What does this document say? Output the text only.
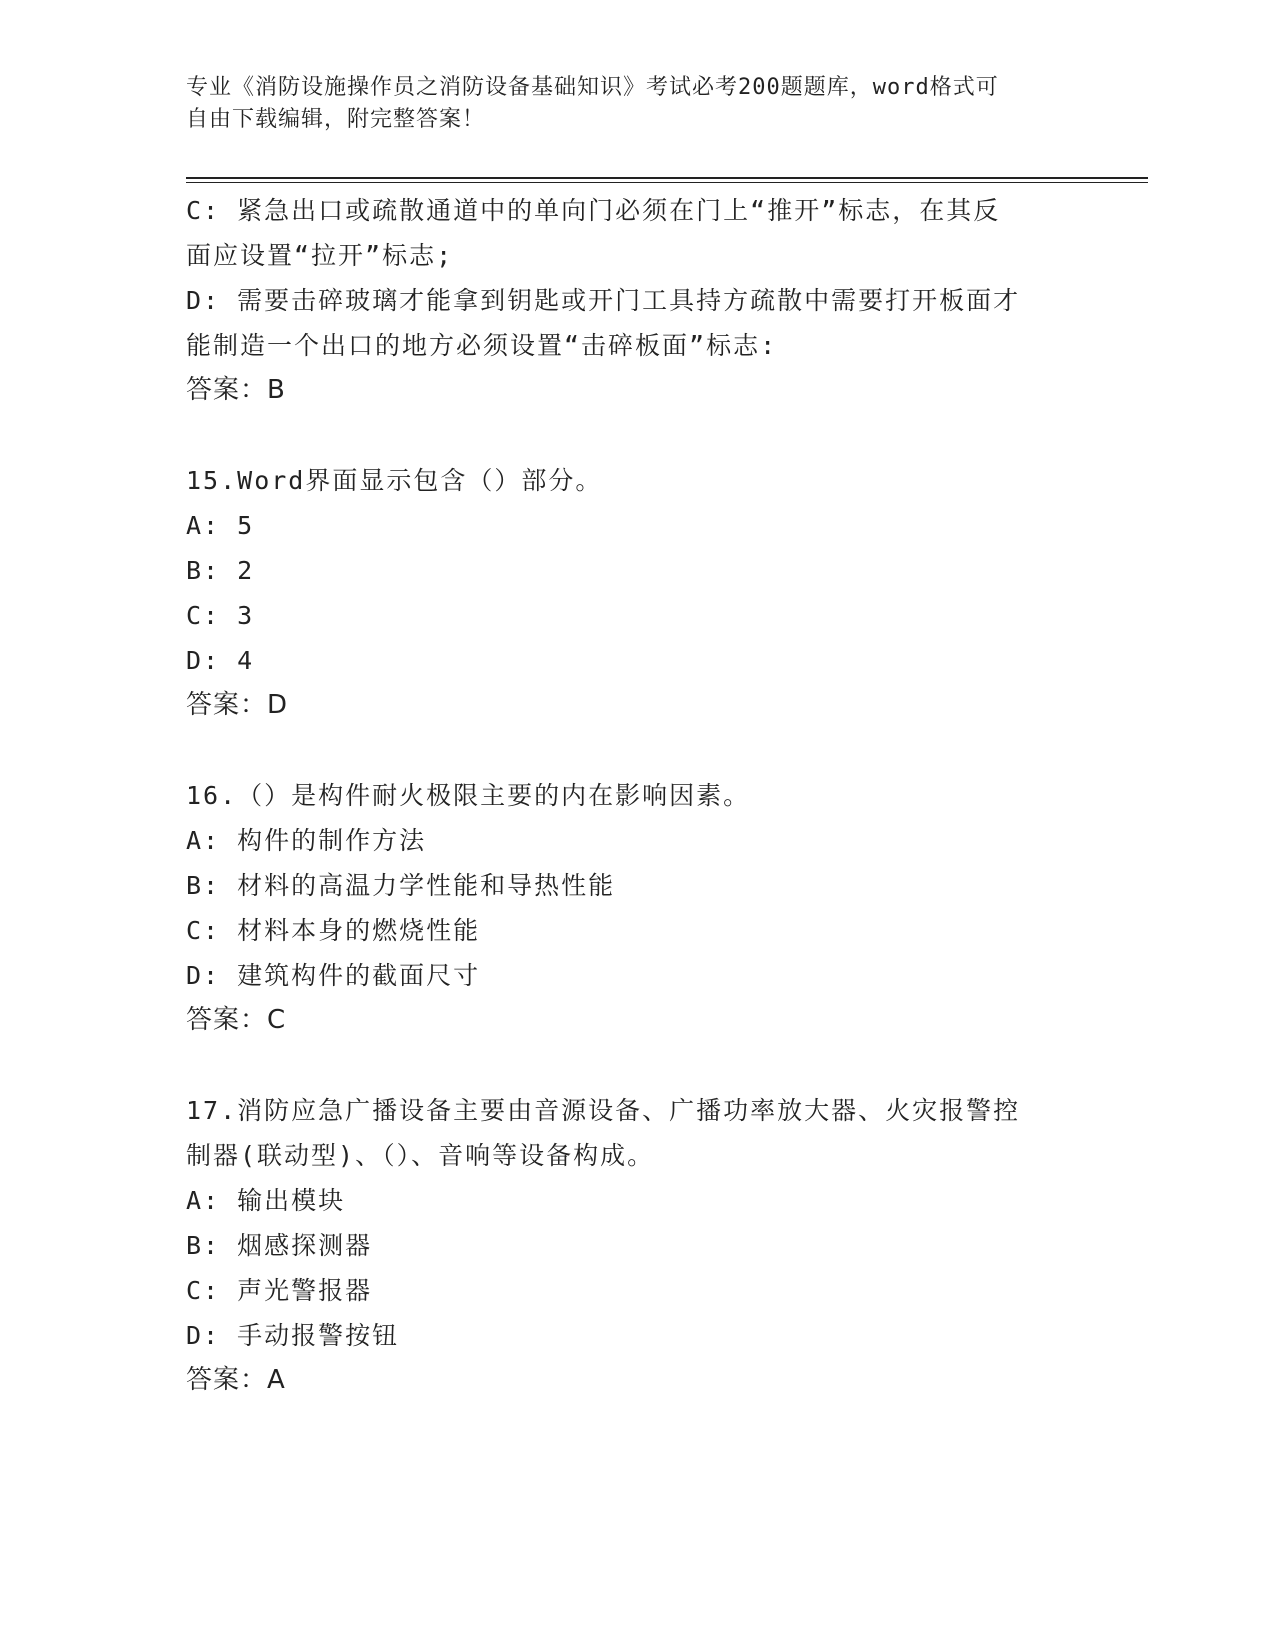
专业《消防设施操作员之消防设备基础知识》考试必考200题题库，word格式可
自由下载编辑，附完整答案！
C: 紧急出口或疏散通道中的单向门必须在门上“推开”标志，在其反
面应设置“拉开”标志;
D: 需要击碎玻璃才能拿到钥匙或开门工具持方疏散中需要打开板面才
能制造一个出口的地方必须设置“击碎板面”标志:
答案：B
15.Word界面显示包含（）部分。
A: 5
B: 2
C: 3
D: 4
答案：D
16.（）是构件耐火极限主要的内在影响因素。
A: 构件的制作方法
B: 材料的高温力学性能和导热性能
C: 材料本身的燃烧性能
D: 建筑构件的截面尺寸
答案：C
17.消防应急广播设备主要由音源设备、广播功率放大器、火灾报警控
制器(联动型)、（）、音响等设备构成。
A: 输出模块
B: 烟感探测器
C: 声光警报器
D: 手动报警按钮
答案：A
